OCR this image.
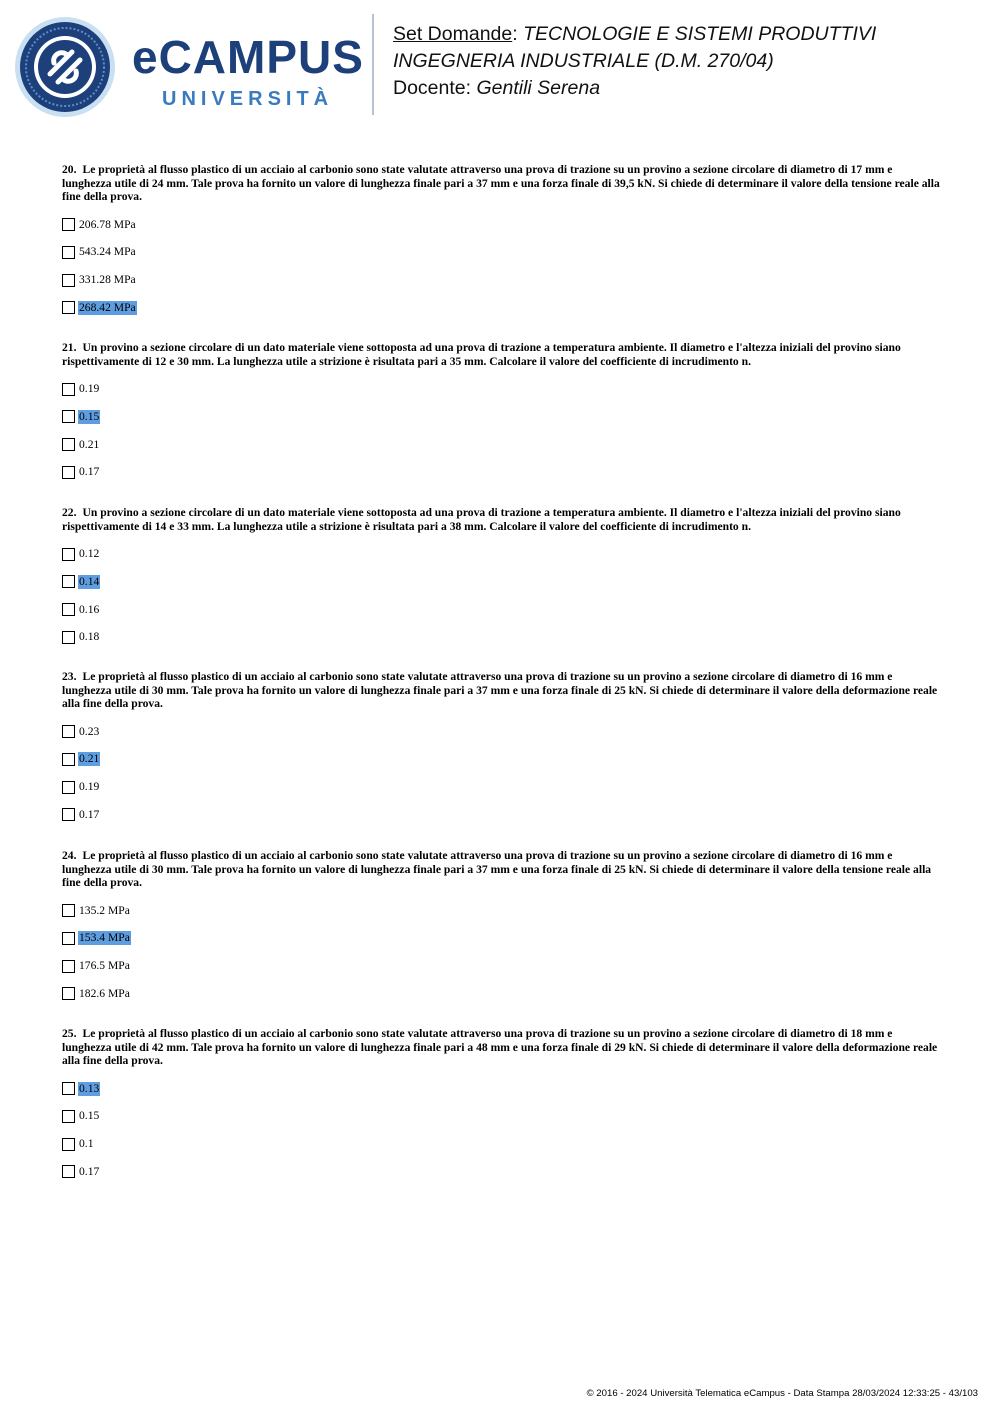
eCAMPUS
UNIVERSITÀ
Set Domande: TECNOLOGIE E SISTEMI PRODUTTIVI
INGEGNERIA INDUSTRIALE (D.M. 270/04)
Docente: Gentili Serena

20. Le proprietà al flusso plastico di un acciaio al carbonio sono state valutate attraverso una prova di trazione su un provino a sezione circolare di diametro di 17 mm e lunghezza utile di 24 mm. Tale prova ha fornito un valore di lunghezza finale pari a 37 mm e una forza finale di 39,5 kN. Si chiede di determinare il valore della tensione reale alla fine della prova.

206.78 MPa
543.24 MPa
331.28 MPa
268.42 MPa

21. Un provino a sezione circolare di un dato materiale viene sottoposta ad una prova di trazione a temperatura ambiente. Il diametro e l'altezza iniziali del provino siano rispettivamente di 12 e 30 mm. La lunghezza utile a strizione è risultata pari a 35 mm. Calcolare il valore del coefficiente di incrudimento n.

0.19
0.15
0.21
0.17

22. Un provino a sezione circolare di un dato materiale viene sottoposta ad una prova di trazione a temperatura ambiente. Il diametro e l'altezza iniziali del provino siano rispettivamente di 14 e 33 mm. La lunghezza utile a strizione è risultata pari a 38 mm. Calcolare il valore del coefficiente di incrudimento n.

0.12
0.14
0.16
0.18

23. Le proprietà al flusso plastico di un acciaio al carbonio sono state valutate attraverso una prova di trazione su un provino a sezione circolare di diametro di 16 mm e lunghezza utile di 30 mm. Tale prova ha fornito un valore di lunghezza finale pari a 37 mm e una forza finale di 25 kN. Si chiede di determinare il valore della deformazione reale alla fine della prova.

0.23
0.21
0.19
0.17

24. Le proprietà al flusso plastico di un acciaio al carbonio sono state valutate attraverso una prova di trazione su un provino a sezione circolare di diametro di 16 mm e lunghezza utile di 30 mm. Tale prova ha fornito un valore di lunghezza finale pari a 37 mm e una forza finale di 25 kN. Si chiede di determinare il valore della tensione reale alla fine della prova.

135.2 MPa
153.4 MPa
176.5 MPa
182.6 MPa

25. Le proprietà al flusso plastico di un acciaio al carbonio sono state valutate attraverso una prova di trazione su un provino a sezione circolare di diametro di 18 mm e lunghezza utile di 42 mm. Tale prova ha fornito un valore di lunghezza finale pari a 48 mm e una forza finale di 29 kN. Si chiede di determinare il valore della deformazione reale alla fine della prova.

0.13
0.15
0.1
0.17
© 2016 - 2024 Università Telematica eCampus - Data Stampa 28/03/2024 12:33:25 - 43/103
